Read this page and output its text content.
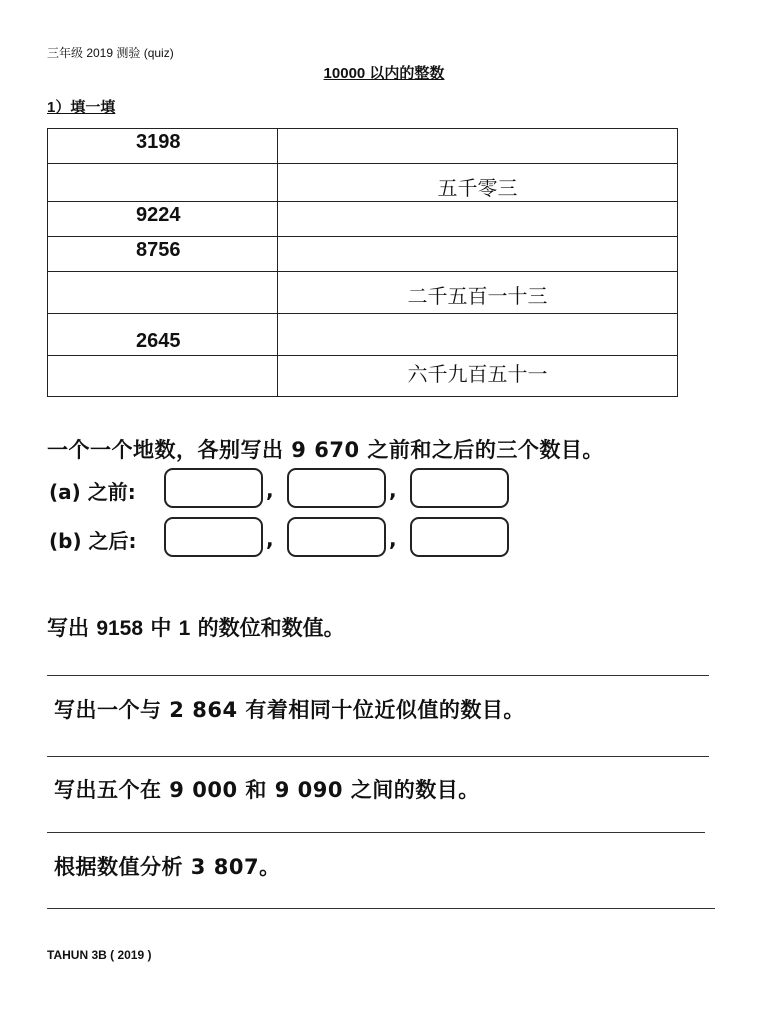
三年级 2019 测验 (quiz)
10000 以内的整数
1）填一填
3198	
	五千零三
9224	
8756	
	二千五百一十三
2645	
	六千九百五十一
一个一个地数，各别写出 9 670 之前和之后的三个数目。
(a) 之前:	,	,
(b) 之后:	,	,
写出 9158 中 1 的数位和数值。
写出一个与 2 864 有着相同十位近似值的数目。
写出五个在 9 000 和 9 090 之间的数目。
根据数值分析 3 807。
TAHUN 3B ( 2019 )
